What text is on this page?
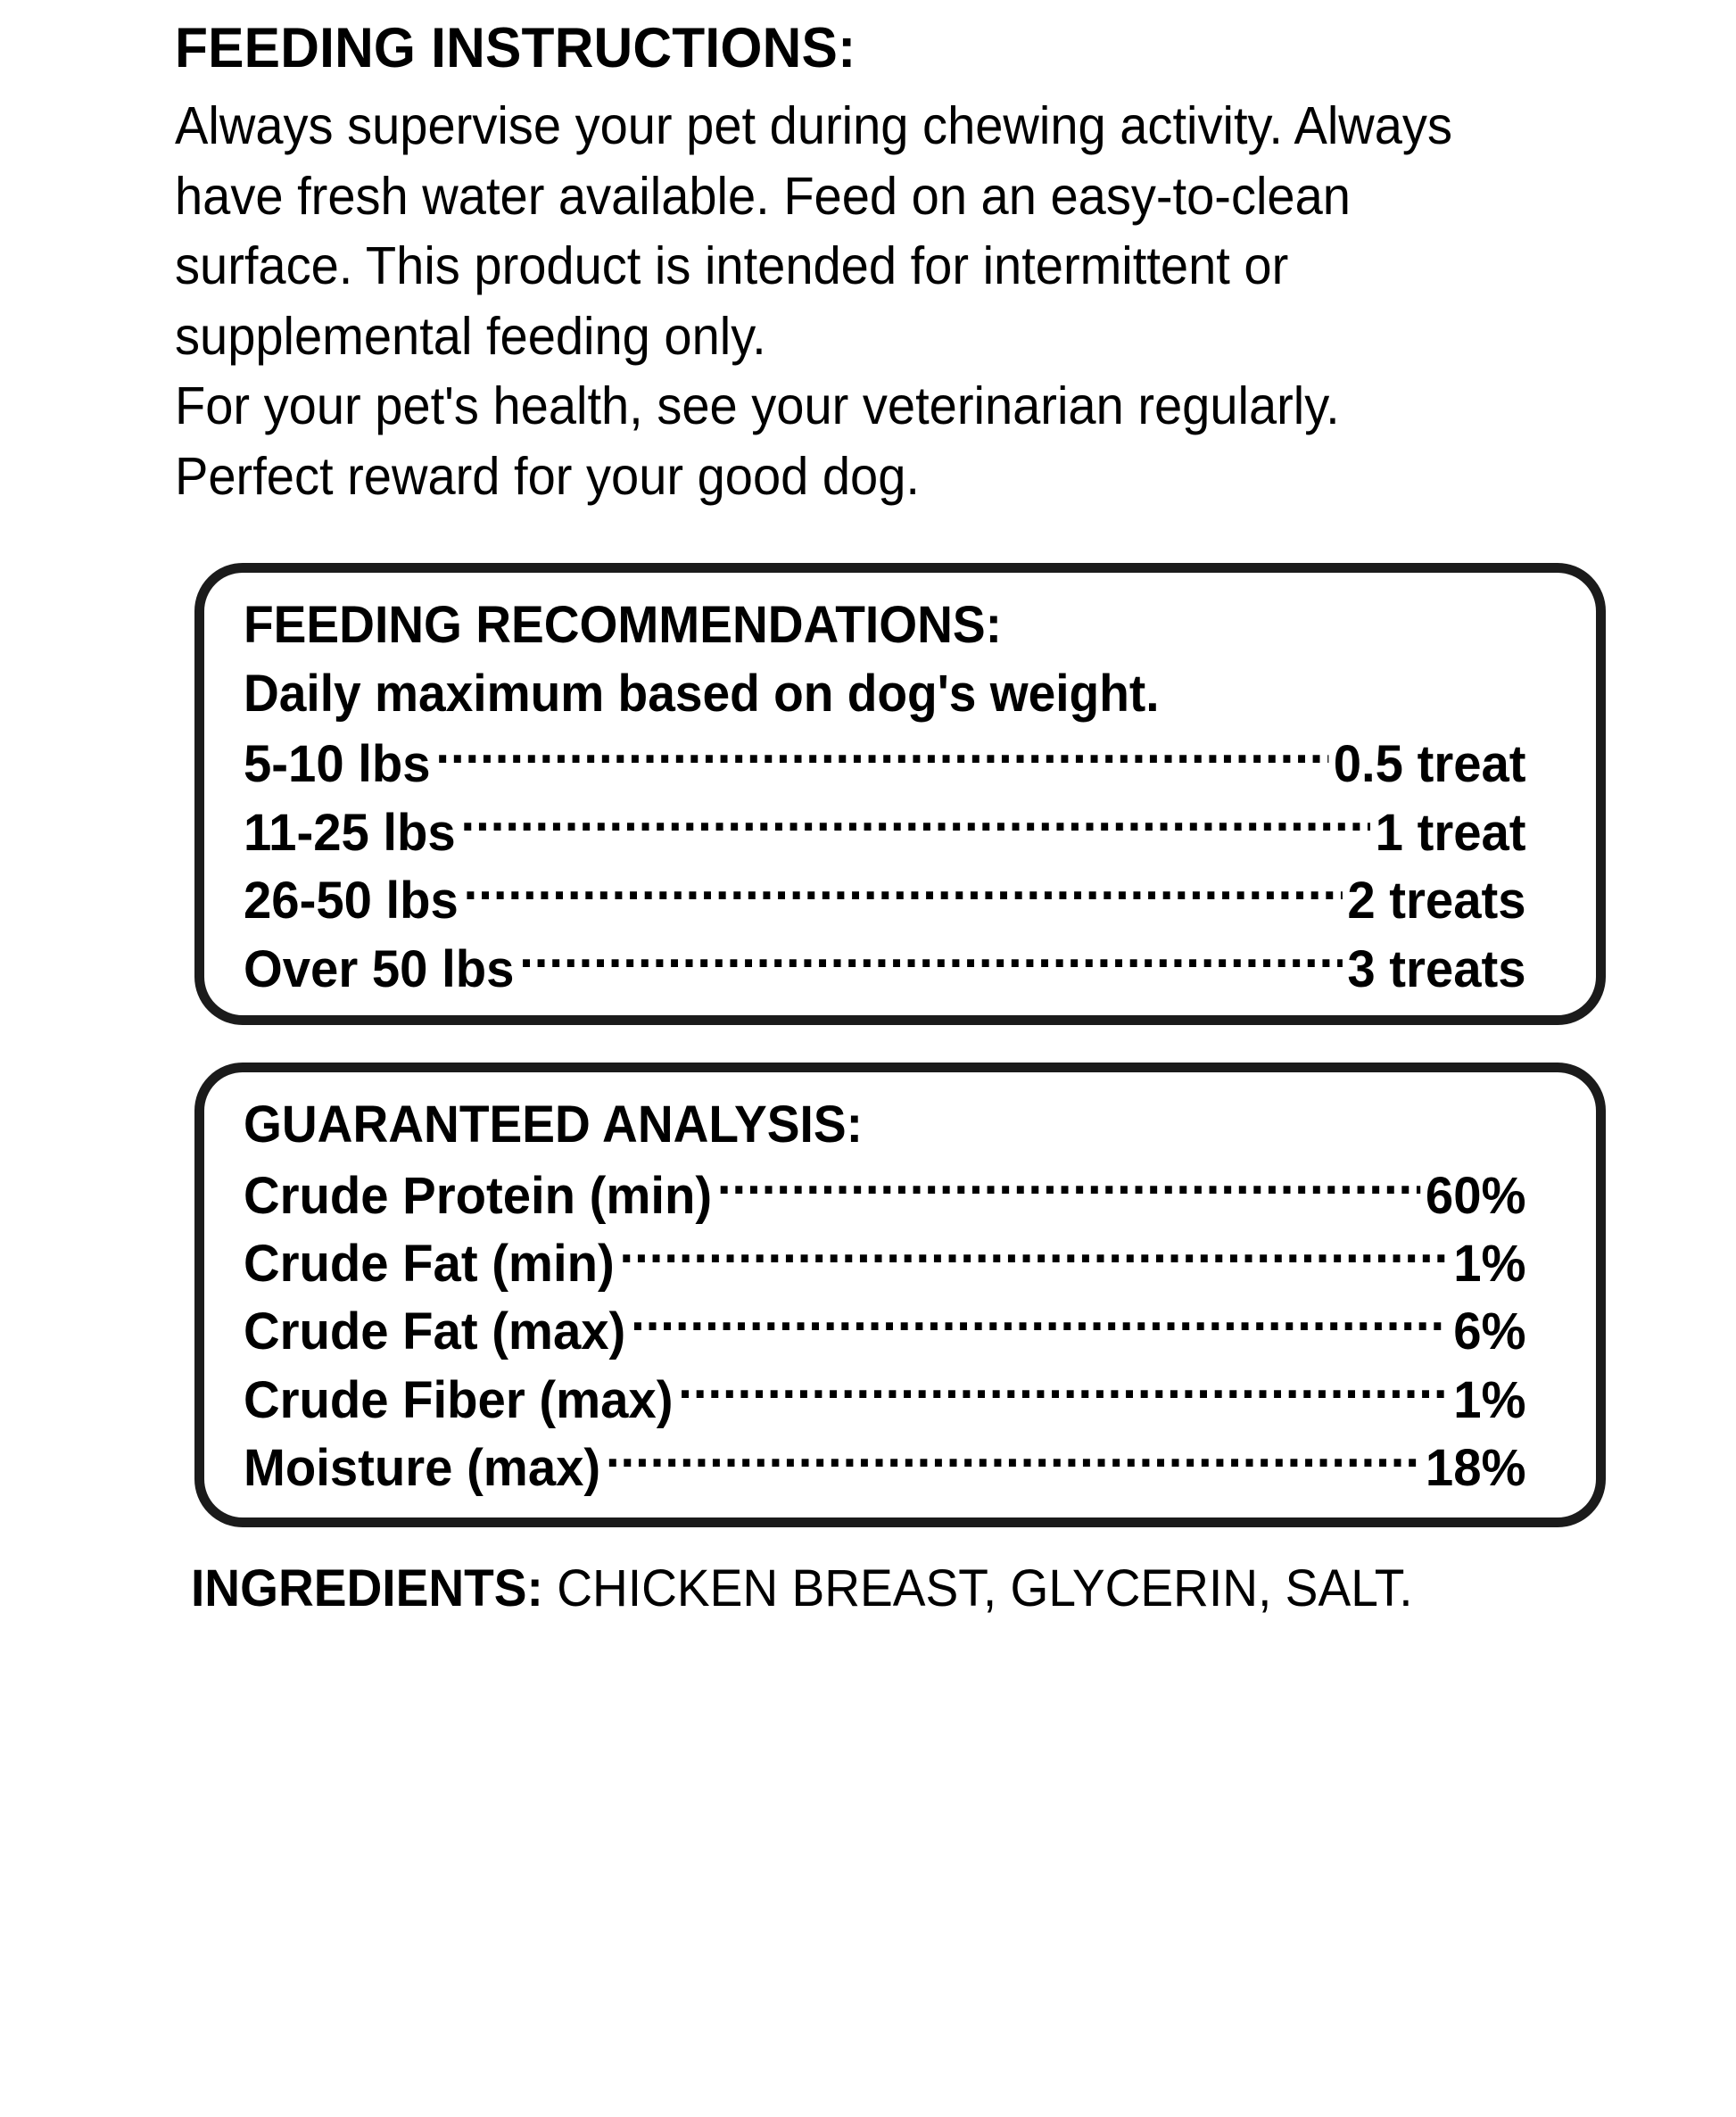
FEEDING INSTRUCTIONS:

Always supervise your pet during chewing activity. Always

have fresh water available. Feed on an easy-to-clean

surface. This product is intended for intermittent or

supplemental feeding only.

For your pet's health, see your veterinarian regularly.

Perfect reward for your good dog.

FEEDING RECOMMENDATIONS:
Daily maximum based on dog's weight.
5-10 lbs .....	0.5 treat
11-25 lbs .....	1 treat
26-50 lbs .....	2 treats
Over 50 lbs .....	3 treats
GUARANTEED ANALYSIS:
Crude Protein (min) .....	60%
Crude Fat (min) .....	1%
Crude Fat (max) .....	6%
Crude Fiber (max) .....	1%
Moisture (max) .....	18%
INGREDIENTS: CHICKEN BREAST, GLYCERIN, SALT.
